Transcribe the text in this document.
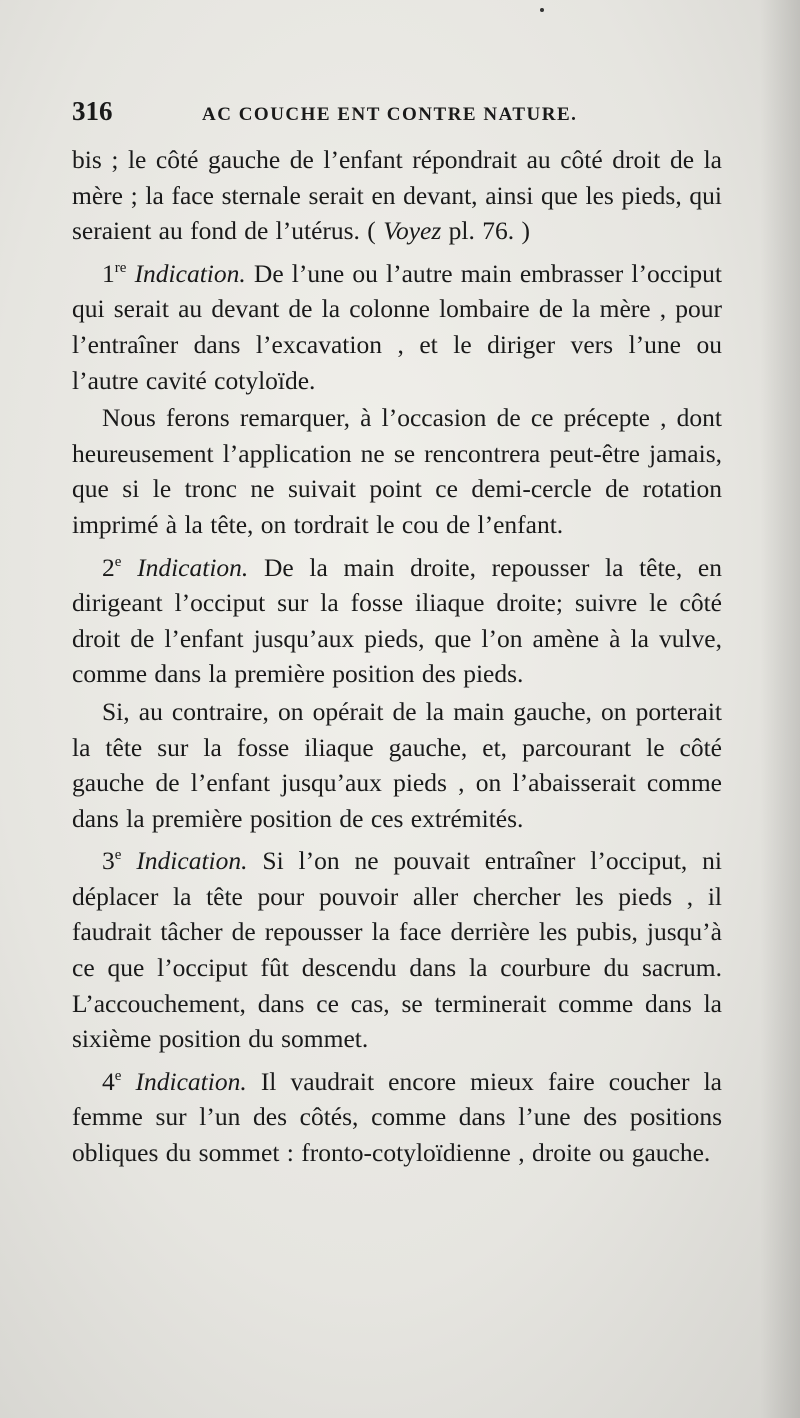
316	AC COUCHE ENT CONTRE NATURE.

bis ; le côté gauche de l’enfant répondrait au côté droit de la mère ; la face sternale serait en devant, ainsi que les pieds, qui seraient au fond de l’utérus. ( Voyez pl. 76. )

1re Indication. De l’une ou l’autre main embrasser l’occiput qui serait au devant de la colonne lombaire de la mère , pour l’entraîner dans l’excavation , et le diriger vers l’une ou l’autre cavité cotyloïde.

Nous ferons remarquer, à l’occasion de ce précepte , dont heureusement l’application ne se rencontrera peut-être jamais, que si le tronc ne suivait point ce demi-cercle de rotation imprimé à la tête, on tordrait le cou de l’enfant.

2e Indication. De la main droite, repousser la tête, en dirigeant l’occiput sur la fosse iliaque droite; suivre le côté droit de l’enfant jusqu’aux pieds, que l’on amène à la vulve, comme dans la première position des pieds.

Si, au contraire, on opérait de la main gauche, on porterait la tête sur la fosse iliaque gauche, et, parcourant le côté gauche de l’enfant jusqu’aux pieds , on l’abaisserait comme dans la première position de ces extrémités.

3e Indication. Si l’on ne pouvait entraîner l’occiput, ni déplacer la tête pour pouvoir aller chercher les pieds , il faudrait tâcher de repousser la face derrière les pubis, jusqu’à ce que l’occiput fût descendu dans la courbure du sacrum. L’accouchement, dans ce cas, se terminerait comme dans la sixième position du sommet.

4e Indication. Il vaudrait encore mieux faire coucher la femme sur l’un des côtés, comme dans l’une des positions obliques du sommet : fronto-cotyloïdienne , droite ou gauche.
